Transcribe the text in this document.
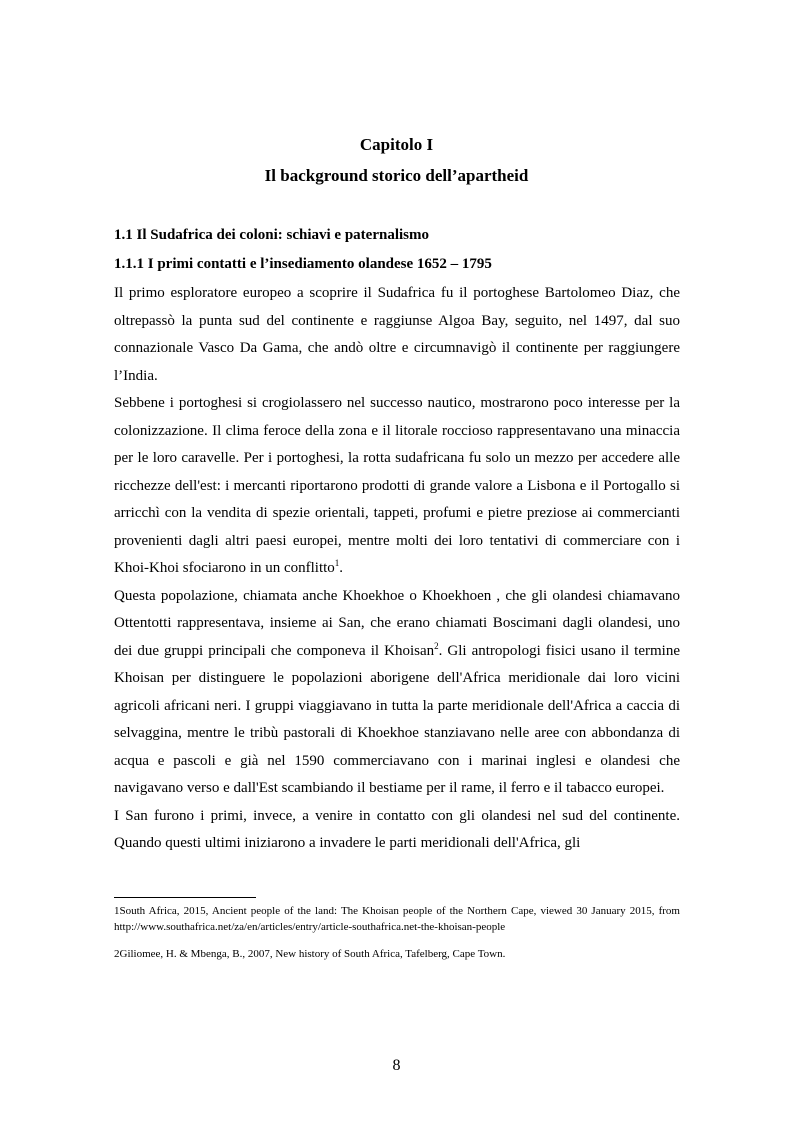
Capitolo I
Il background storico dell’apartheid
1.1 Il Sudafrica dei coloni: schiavi e paternalismo
1.1.1 I primi contatti e l’insediamento olandese 1652 – 1795

Il primo esploratore europeo a scoprire il Sudafrica fu il portoghese Bartolomeo Diaz, che oltrepassò la punta sud del continente e raggiunse Algoa Bay, seguito, nel 1497, dal suo connazionale Vasco Da Gama, che andò oltre e circumnavigò il continente per raggiungere l’India.

Sebbene i portoghesi si crogiolassero nel successo nautico, mostrarono poco interesse per la colonizzazione. Il clima feroce della zona e il litorale roccioso rappresentavano una minaccia per le loro caravelle. Per i portoghesi, la rotta sudafricana fu solo un mezzo per accedere alle ricchezze dell'est: i mercanti riportarono prodotti di grande valore a Lisbona e il Portogallo si arricchì con la vendita di spezie orientali, tappeti, profumi e pietre preziose ai commercianti provenienti dagli altri paesi europei, mentre molti dei loro tentativi di commerciare con i Khoi-Khoi sfociarono in un conflitto$^1$.

Questa popolazione, chiamata anche Khoekhoe o Khoekhoen , che gli olandesi chiamavano Ottentotti rappresentava, insieme ai San, che erano chiamati Boscimani dagli olandesi, uno dei due gruppi principali che componeva il Khoisan$^2$. Gli antropologi fisici usano il termine Khoisan per distinguere le popolazioni aborigene dell'Africa meridionale dai loro vicini agricoli africani neri. I gruppi viaggiavano in tutta la parte meridionale dell'Africa a caccia di selvaggina, mentre le tribù pastorali di Khoekhoe stanziavano nelle aree con abbondanza di acqua e pascoli e già nel 1590 commerciavano con i marinai inglesi e olandesi che navigavano verso e dall'Est scambiando il bestiame per il rame, il ferro e il tabacco europei.

I San furono i primi, invece, a venire in contatto con gli olandesi nel sud del continente. Quando questi ultimi iniziarono a invadere le parti meridionali dell'Africa, gli

1South Africa, 2015, Ancient people of the land: The Khoisan people of the Northern Cape, viewed 30 January 2015, from http://www.southafrica.net/za/en/articles/entry/article-southafrica.net-the-khoisan-people

2Giliomee, H. & Mbenga, B., 2007, New history of South Africa, Tafelberg, Cape Town.

8
